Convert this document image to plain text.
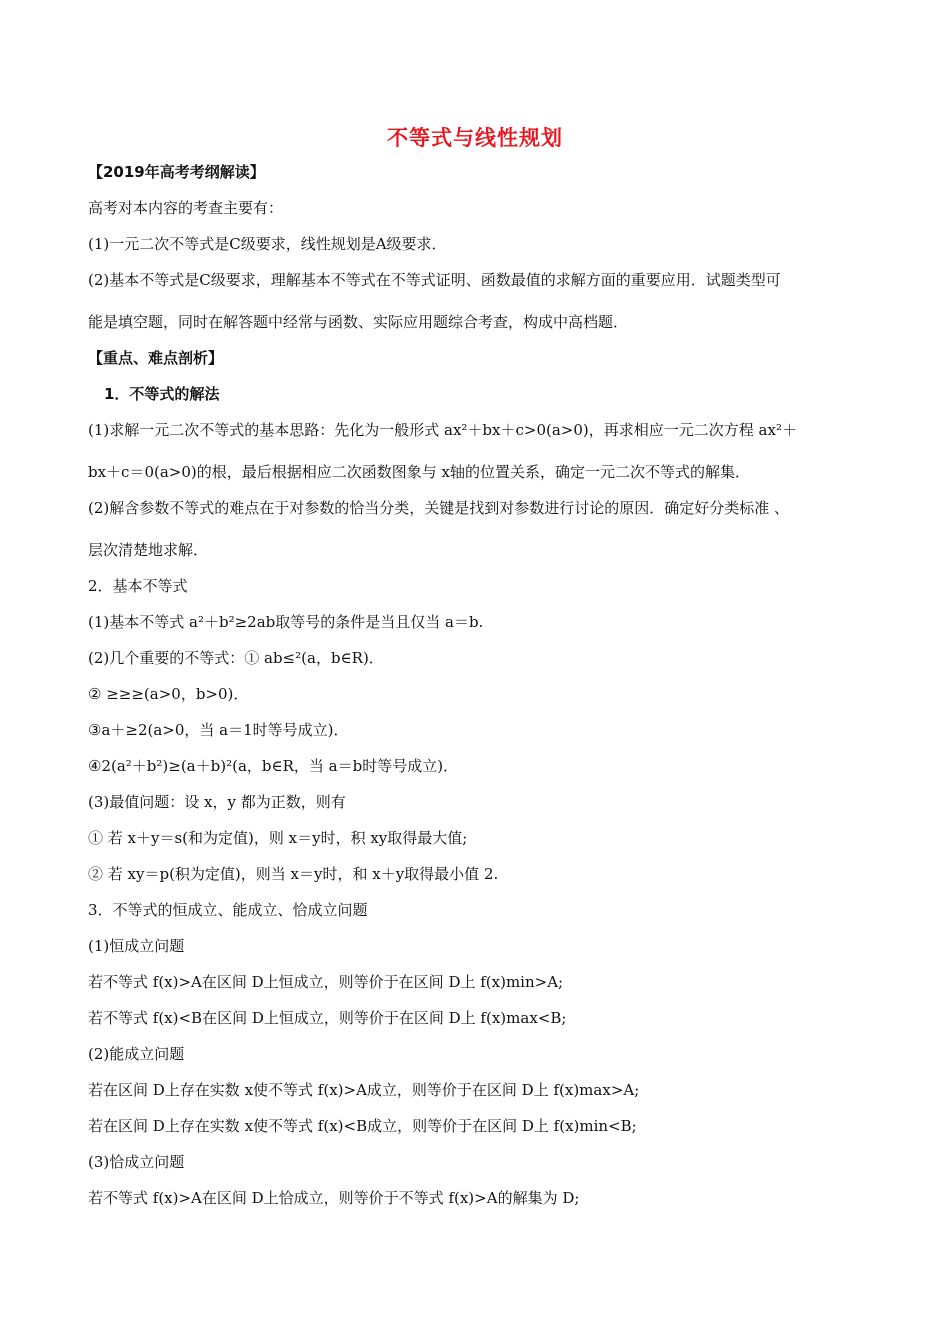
不等式与线性规划
【2019年高考考纲解读】
高考对本内容的考查主要有：
(1)一元二次不等式是C级要求，线性规划是A级要求．
(2)基本不等式是C级要求，理解基本不等式在不等式证明、函数最值的求解方面的重要应用．试题类型可
能是填空题，同时在解答题中经常与函数、实际应用题综合考查，构成中高档题．
【重点、难点剖析】
1．不等式的解法
(1)求解一元二次不等式的基本思路：先化为一般形式 ax²＋bx＋c>0(a>0)，再求相应一元二次方程 ax²＋
bx＋c＝0(a>0)的根，最后根据相应二次函数图象与 x轴的位置关系，确定一元二次不等式的解集．
(2)解含参数不等式的难点在于对参数的恰当分类，关键是找到对参数进行讨论的原因．确定好分类标准 、
层次清楚地求解．
2．基本不等式
(1)基本不等式 a²＋b²≥2ab取等号的条件是当且仅当 a＝b.
(2)几个重要的不等式：① ab≤²(a，b∈R)．
② ≥≥≥(a>0，b>0)．
③a＋≥2(a>0，当 a＝1时等号成立)．
④2(a²＋b²)≥(a＋b)²(a，b∈R，当 a＝b时等号成立)．
(3)最值问题：设 x，y 都为正数，则有
① 若 x＋y＝s(和为定值)，则 x＝y时，积 xy取得最大值;
② 若 xy＝p(积为定值)，则当 x＝y时，和 x＋y取得最小值 2.
3．不等式的恒成立、能成立、恰成立问题
(1)恒成立问题
若不等式 f(x)>A在区间 D上恒成立，则等价于在区间 D上 f(x)min>A;
若不等式 f(x)<B在区间 D上恒成立，则等价于在区间 D上 f(x)max<B;
(2)能成立问题
若在区间 D上存在实数 x使不等式 f(x)>A成立，则等价于在区间 D上 f(x)max>A;
若在区间 D上存在实数 x使不等式 f(x)<B成立，则等价于在区间 D上 f(x)min<B;
(3)恰成立问题
若不等式 f(x)>A在区间 D上恰成立，则等价于不等式 f(x)>A的解集为 D;
